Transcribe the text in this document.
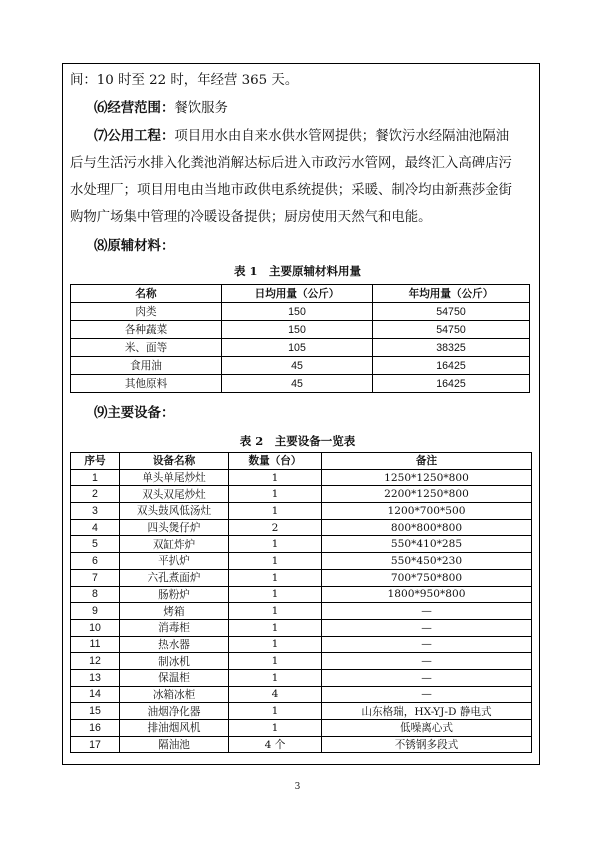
间：10 时至 22 时，年经营 365 天。
⑹经营范围：餐饮服务
⑺公用工程：项目用水由自来水供水管网提供；餐饮污水经隔油池隔油
后与生活污水排入化粪池消解达标后进入市政污水管网，最终汇入高碑店污
水处理厂；项目用电由当地市政供电系统提供；采暖、制冷均由新燕莎金街
购物广场集中管理的冷暖设备提供；厨房使用天然气和电能。
⑻原辅材料：
表 1　主要原辅材料用量
名称	日均用量（公斤）	年均用量（公斤）
肉类	150	54750
各种蔬菜	150	54750
米、面等	105	38325
食用油	45	16425
其他原料	45	16425
⑼主要设备：
表 2　主要设备一览表
序号	设备名称	数量（台）	备注
1	单头单尾炒灶	1	1250*1250*800
2	双头双尾炒灶	1	2200*1250*800
3	双头鼓风低汤灶	1	1200*700*500
4	四头煲仔炉	2	800*800*800
5	双缸炸炉	1	550*410*285
6	平扒炉	1	550*450*230
7	六孔煮面炉	1	700*750*800
8	肠粉炉	1	1800*950*800
9	烤箱	1	—
10	消毒柜	1	—
11	热水器	1	—
12	制冰机	1	—
13	保温柜	1	—
14	冰箱冰柜	4	—
15	油烟净化器	1	山东格瑞，HX-YJ-D 静电式
16	排油烟风机	1	低噪离心式
17	隔油池	4 个	不锈钢多段式
3
